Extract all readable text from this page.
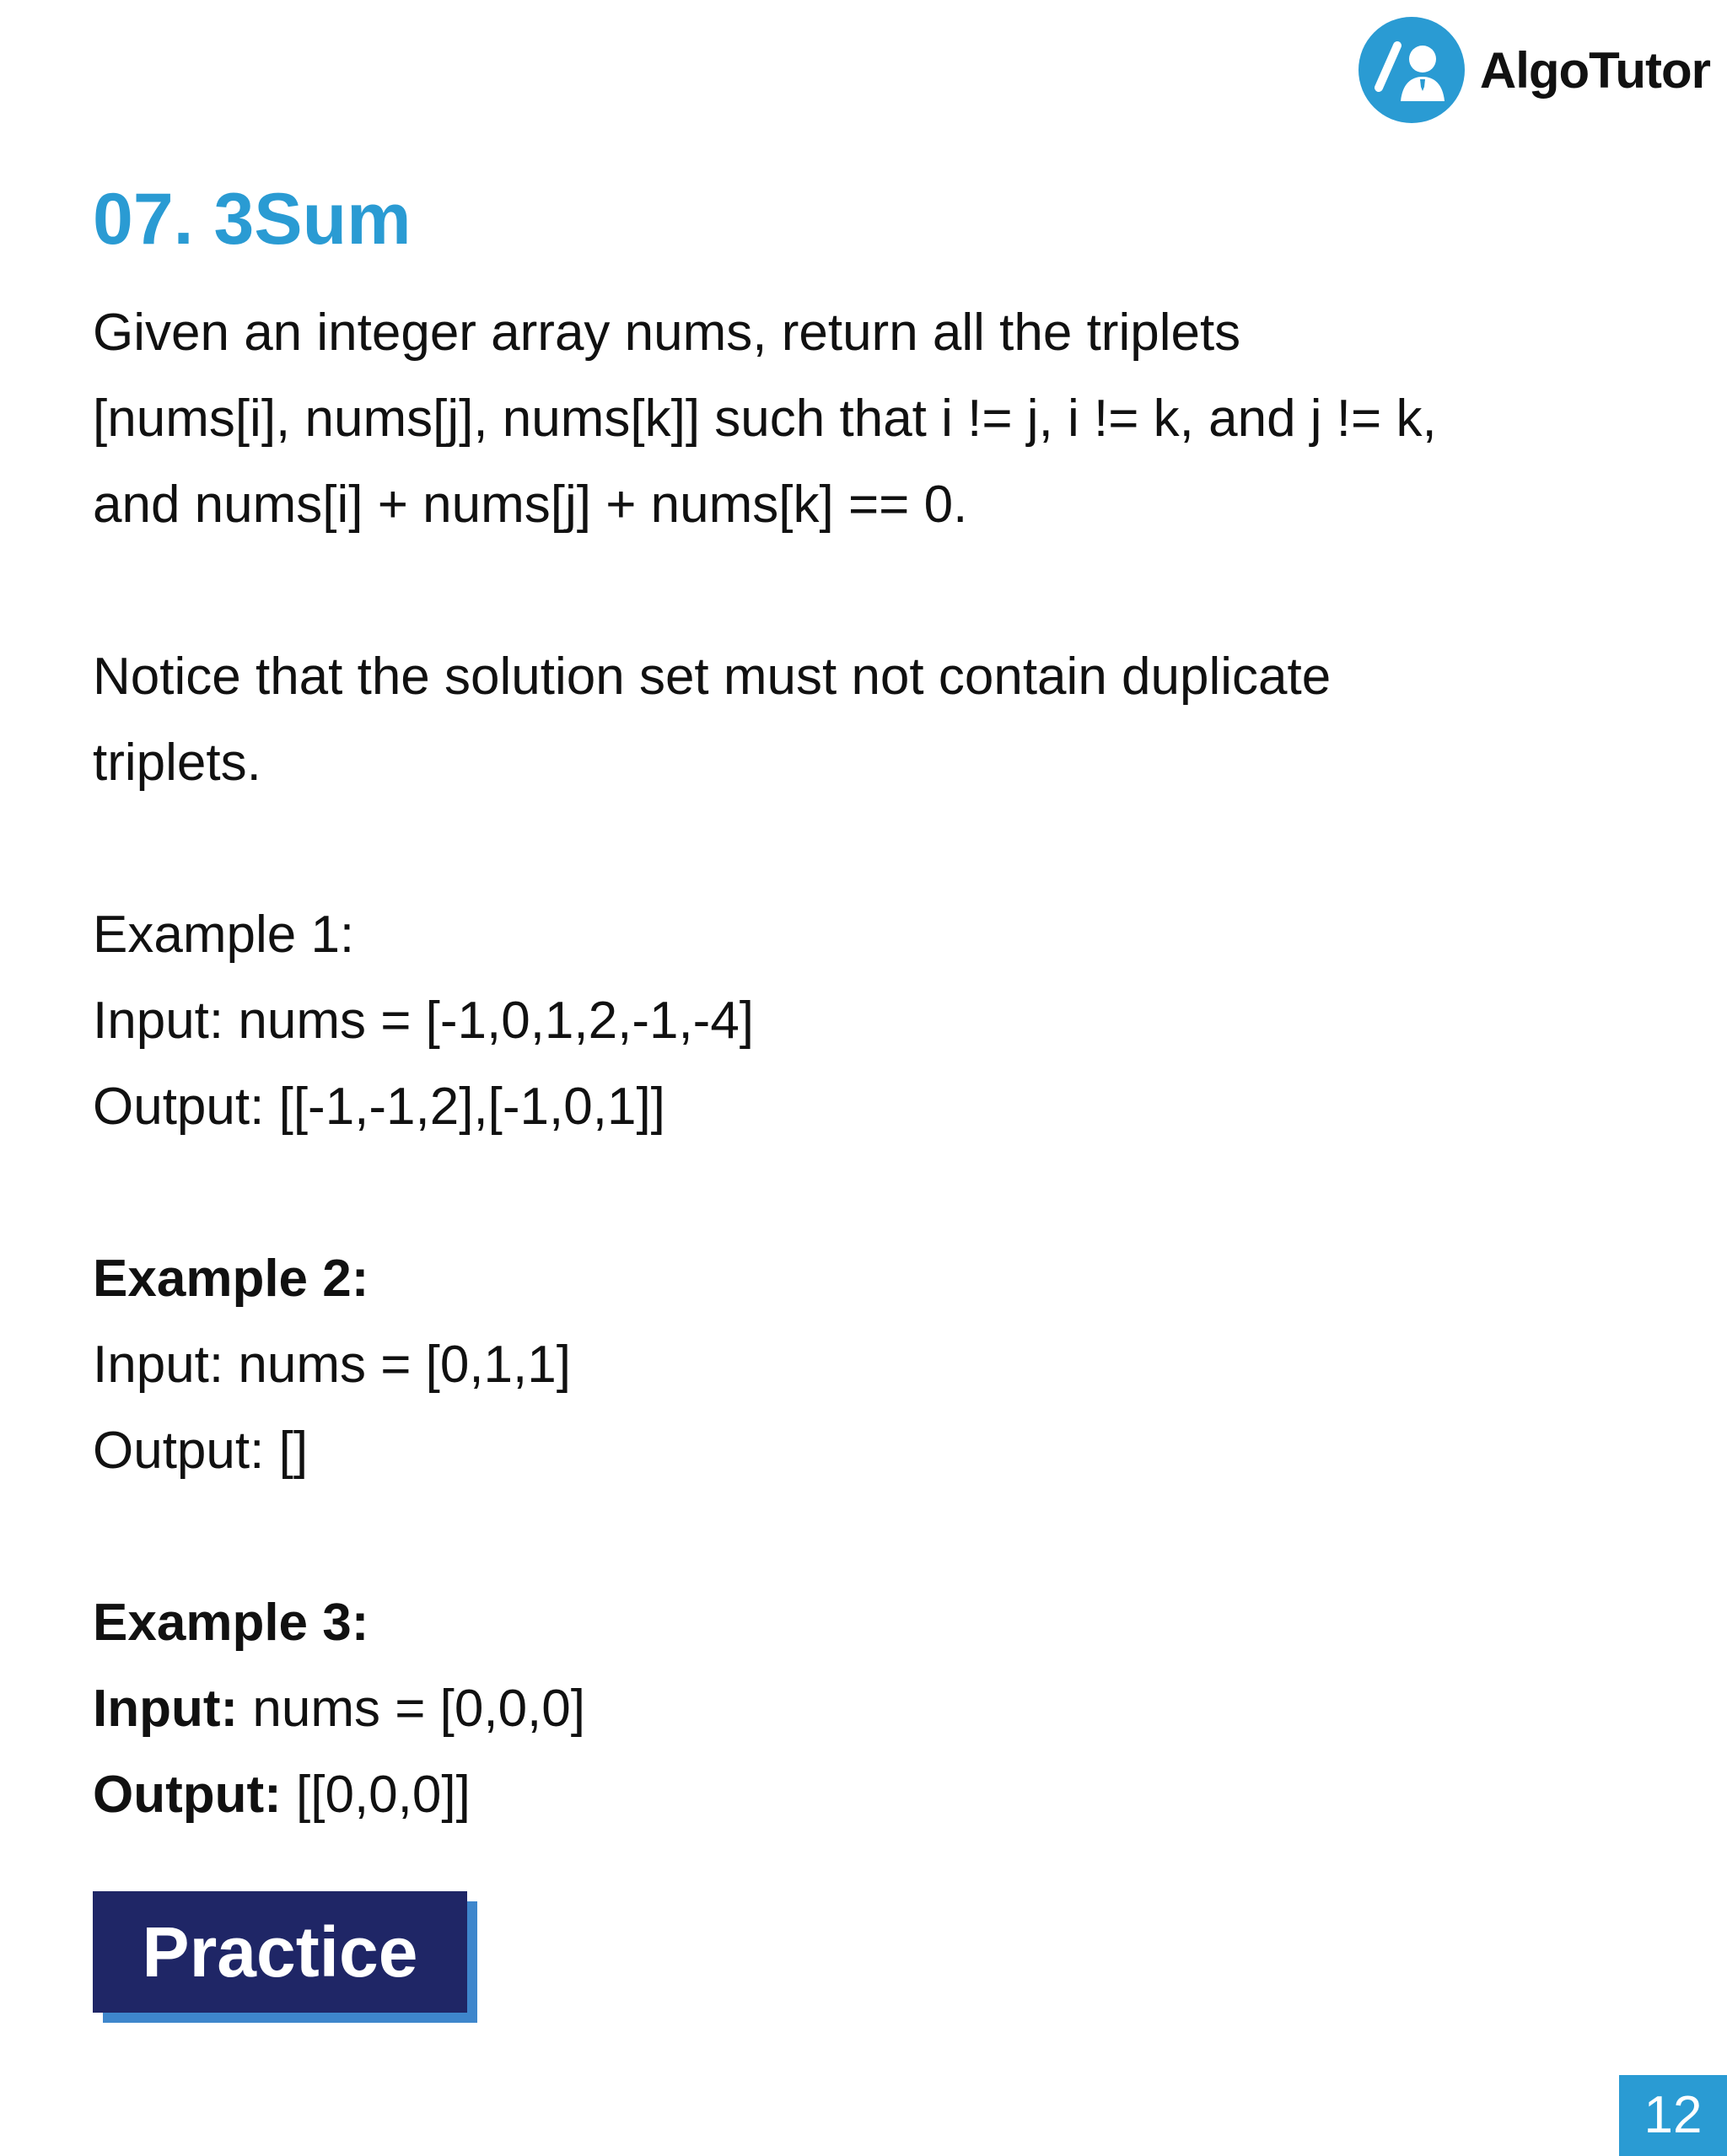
AlgoTutor
07. 3Sum

Given an integer array nums, return all the triplets

[nums[i], nums[j], nums[k]] such that i != j, i != k, and j != k,

and nums[i] + nums[j] + nums[k] == 0.

Notice that the solution set must not contain duplicate

triplets.

Example 1:

Input: nums = [-1,0,1,2,-1,-4]

Output: [[-1,-1,2],[-1,0,1]]

Example 2:

Input: nums = [0,1,1]

Output: []

Example 3:

Input: nums = [0,0,0]

Output: [[0,0,0]]

Practice
12
